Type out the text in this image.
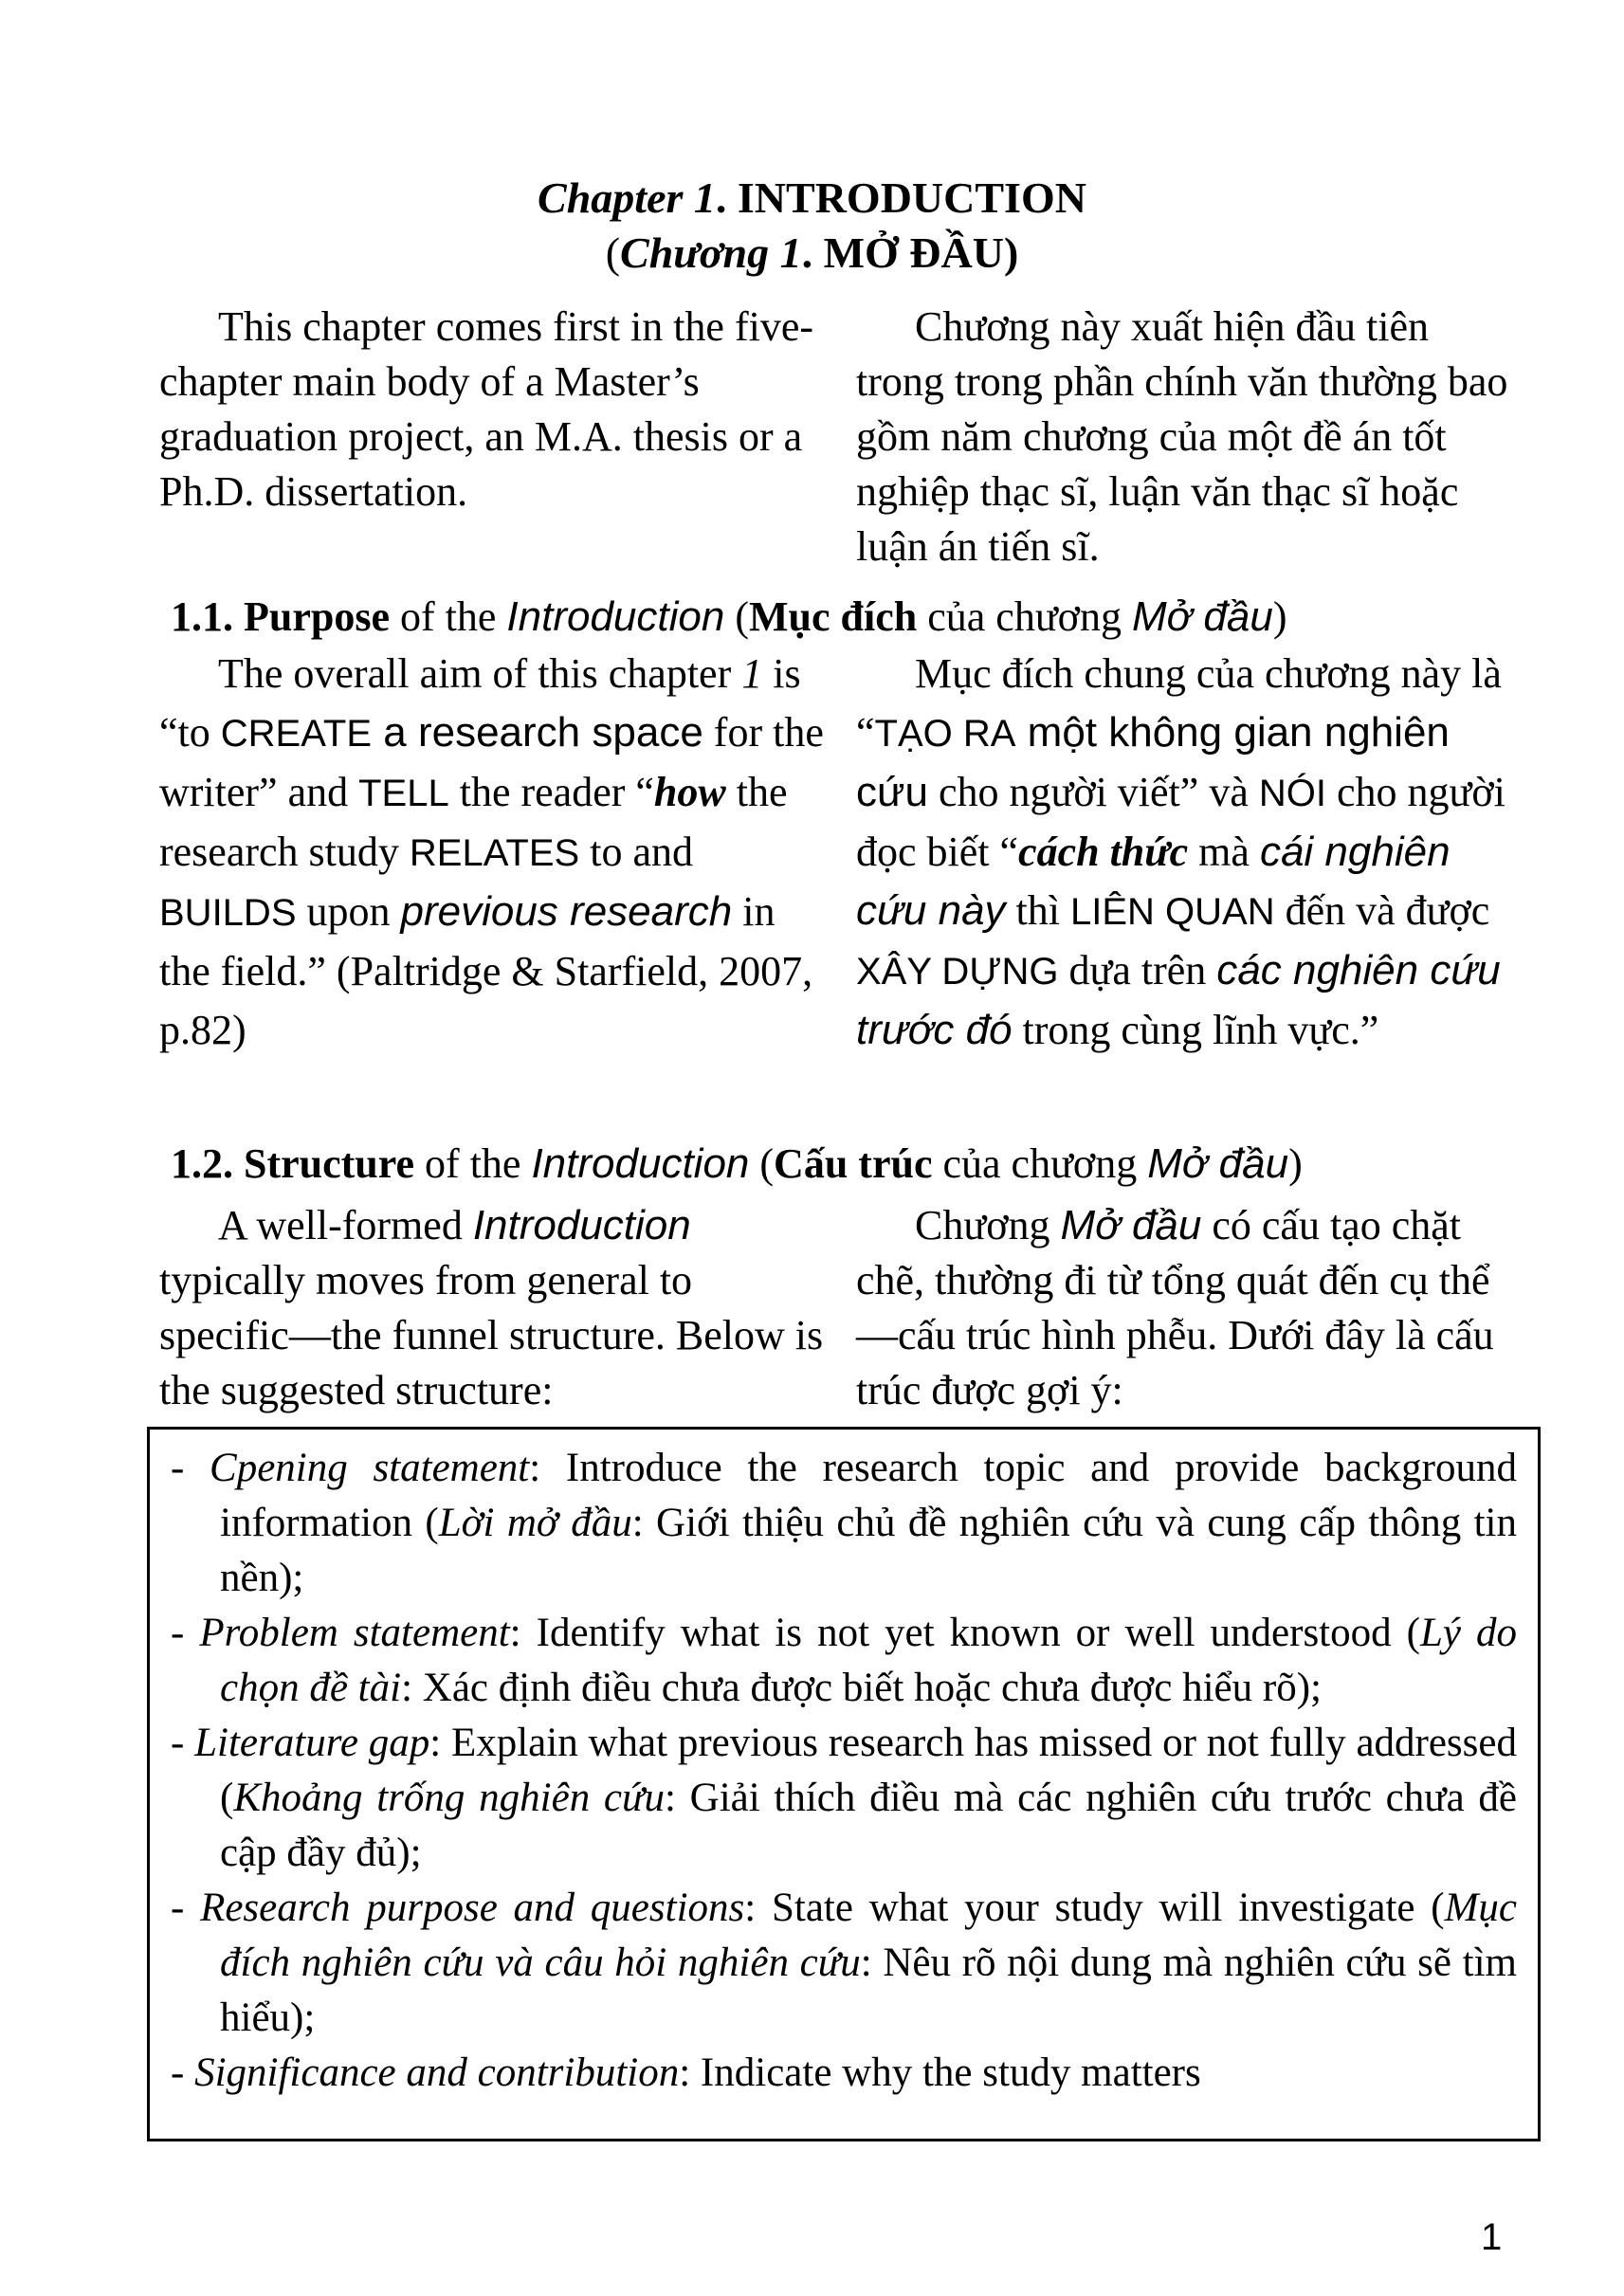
Chapter 1. INTRODUCTION
(Chương 1. MỞ ĐẦU)

This chapter comes first in the five-chapter main body of a Master’s graduation project, an M.A. thesis or a Ph.D. dissertation.

Chương này xuất hiện đầu tiên trong trong phần chính văn thường bao gồm năm chương của một đề án tốt nghiệp thạc sĩ, luận văn thạc sĩ hoặc luận án tiến sĩ.

1.1. Purpose of the Introduction (Mục đích của chương Mở đầu)

The overall aim of this chapter 1 is “to CREATE a research space for the writer” and TELL the reader “how the research study RELATES to and BUILDS upon previous research in the field.” (Paltridge & Starfield, 2007, p.82)

Mục đích chung của chương này là “TẠO RA một không gian nghiên cứu cho người viết” và NÓI cho người đọc biết “cách thức mà cái nghiên cứu này thì LIÊN QUAN đến và được XÂY DỰNG dựa trên các nghiên cứu trước đó trong cùng lĩnh vực.”

1.2. Structure of the Introduction (Cấu trúc của chương Mở đầu)

A well-formed Introduction typically moves from general to specific—the funnel structure. Below is the suggested structure:

Chương Mở đầu có cấu tạo chặt chẽ, thường đi từ tổng quát đến cụ thể—cấu trúc hình phễu. Dưới đây là cấu trúc được gợi ý:

- Cpening statement: Introduce the research topic and provide background information (Lời mở đầu: Giới thiệu chủ đề nghiên cứu và cung cấp thông tin nền);
- Problem statement: Identify what is not yet known or well understood (Lý do chọn đề tài: Xác định điều chưa được biết hoặc chưa được hiểu rõ);
- Literature gap: Explain what previous research has missed or not fully addressed (Khoảng trống nghiên cứu: Giải thích điều mà các nghiên cứu trước chưa đề cập đầy đủ);
- Research purpose and questions: State what your study will investigate (Mục đích nghiên cứu và câu hỏi nghiên cứu: Nêu rõ nội dung mà nghiên cứu sẽ tìm hiểu);
- Significance and contribution: Indicate why the study matters
1
